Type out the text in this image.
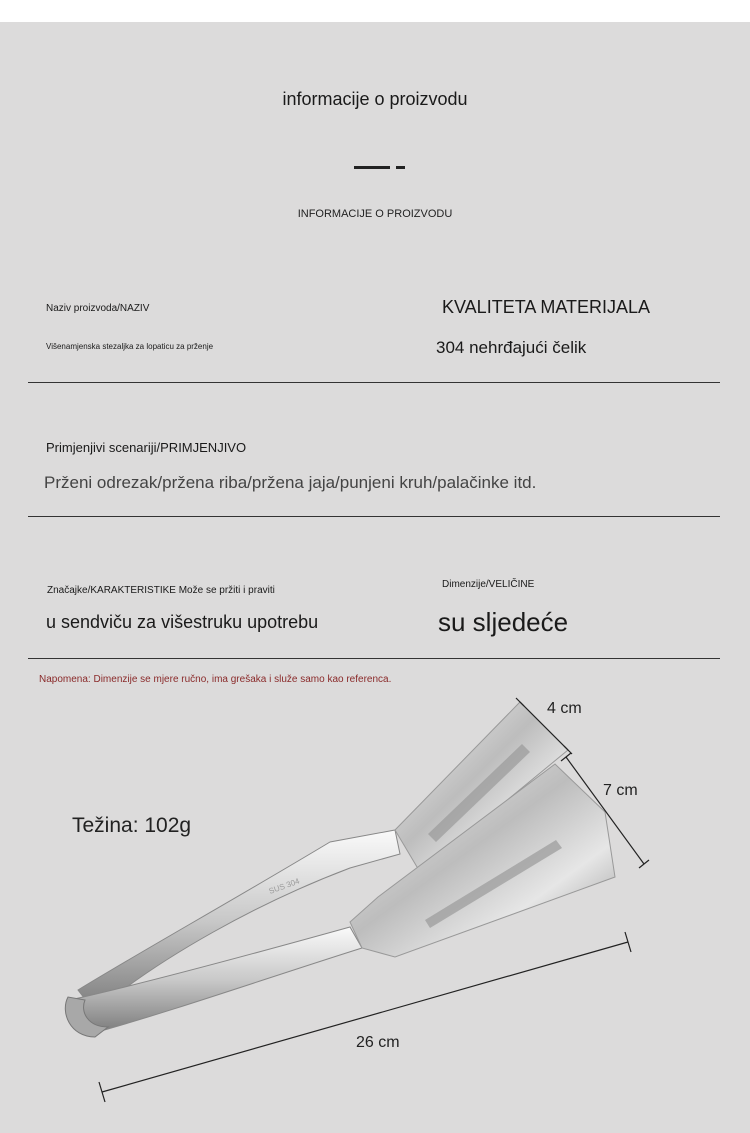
informacije o proizvodu
INFORMACIJE O PROIZVODU
Naziv proizvoda/NAZIV
Višenamjenska stezaljka za lopaticu za prženje
KVALITETA MATERIJALA
304 nehrđajući čelik
Primjenjivi scenariji/PRIMJENJIVO
Prženi odrezak/pržena riba/pržena jaja/punjeni kruh/palačinke itd.
Značajke/KARAKTERISTIKE Može se pržiti i praviti
u sendviču za višestruku upotrebu
Dimenzije/VELIČINE
su sljedeće
Napomena: Dimenzije se mjere ručno, ima grešaka i služe samo kao referenca.
SUS 304
4 cm
7 cm
26 cm
Težina: 102g
